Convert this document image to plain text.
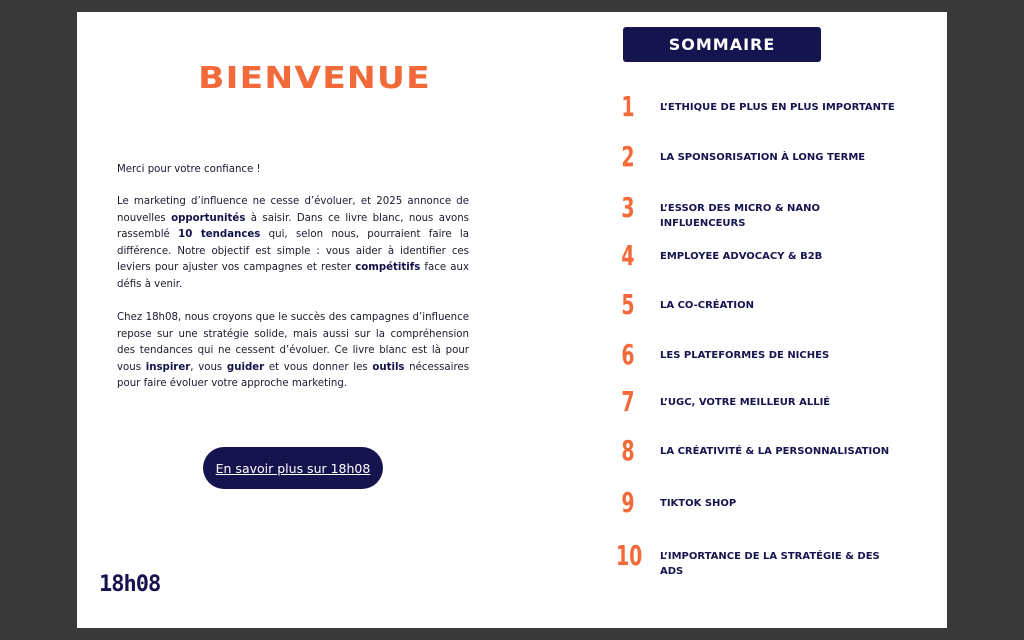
BIENVENUE
Merci pour votre confiance !
Le marketing d’influence ne cesse d’évoluer, et 2025 annonce de nouvelles opportunités à saisir. Dans ce livre blanc, nous avons rassemblé 10 tendances qui, selon nous, pourraient faire la différence. Notre objectif est simple : vous aider à identifier ces leviers pour ajuster vos campagnes et rester compétitifs face aux défis à venir.
Chez 18h08, nous croyons que le succès des campagnes d’influence repose sur une stratégie solide, mais aussi sur la compréhension des tendances qui ne cessent d’évoluer. Ce livre blanc est là pour vous inspirer, vous guider et vous donner les outils nécessaires pour faire évoluer votre approche marketing.
En savoir plus sur 18h08
18h08
SOMMAIRE
1	L’ETHIQUE DE PLUS EN PLUS IMPORTANTE
2	LA SPONSORISATION À LONG TERME
3	L’ESSOR DES MICRO & NANO INFLUENCEURS
4	EMPLOYEE ADVOCACY & B2B
5	LA CO-CRÉATION
6	LES PLATEFORMES DE NICHES
7	L’UGC, VOTRE MEILLEUR ALLIÉ
8	LA CRÉATIVITÉ & LA PERSONNALISATION
9	TIKTOK SHOP
10 L’IMPORTANCE DE LA STRATÉGIE & DES ADS
